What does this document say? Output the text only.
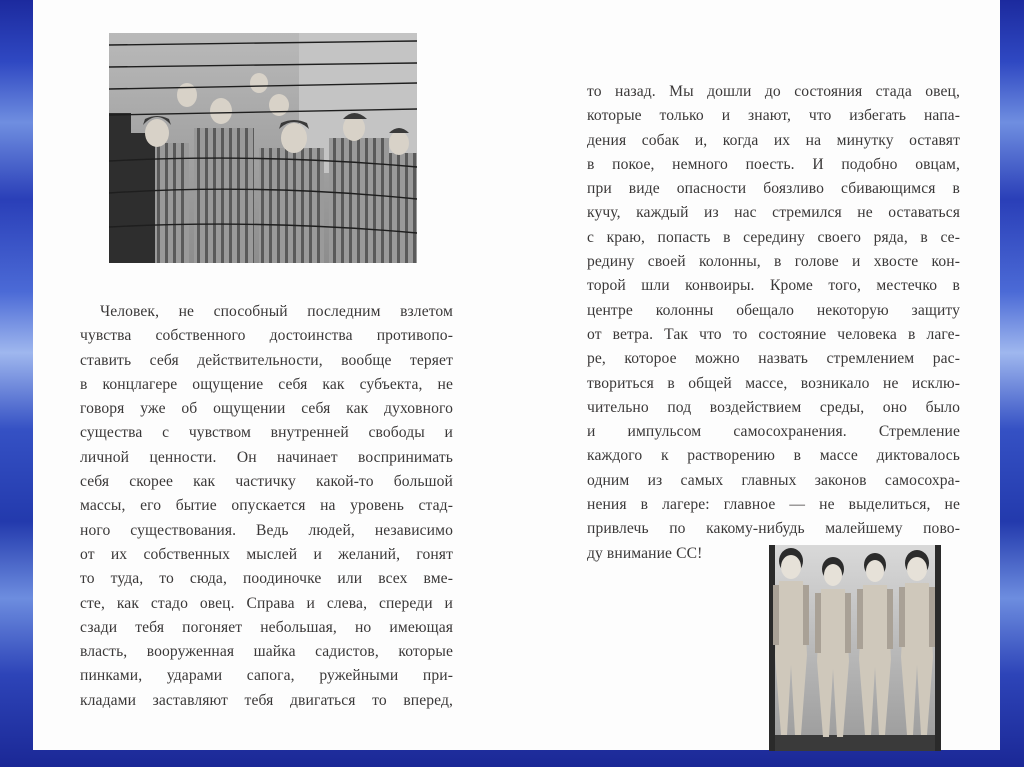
Человек, не способный последним взлетом
чувства собственного достоинства противопо-
ставить себя действительности, вообще теряет
в концлагере ощущение себя как субъекта, не
говоря уже об ощущении себя как духовного
существа с чувством внутренней свободы и
личной ценности. Он начинает воспринимать
себя скорее как частичку какой-то большой
массы, его бытие опускается на уровень стад-
ного существования. Ведь людей, независимо
от их собственных мыслей и желаний, гонят
то туда, то сюда, поодиночке или всех вме-
сте, как стадо овец. Справа и слева, спереди и
сзади тебя погоняет небольшая, но имеющая
власть, вооруженная шайка садистов, которые
пинками, ударами сапога, ружейными при-
кладами заставляют тебя двигаться то вперед,
то назад. Мы дошли до состояния стада овец,
которые только и знают, что избегать напа-
дения собак и, когда их на минутку оставят
в покое, немного поесть. И подобно овцам,
при виде опасности боязливо сбивающимся в
кучу, каждый из нас стремился не оставаться
с краю, попасть в середину своего ряда, в се-
редину своей колонны, в голове и хвосте кон-
торой шли конвоиры. Кроме того, местечко в
центре колонны обещало некоторую защиту
от ветра. Так что то состояние человека в лаге-
ре, которое можно назвать стремлением рас-
твориться в общей массе, возникало не исклю-
чительно под воздействием среды, оно было
и импульсом самосохранения. Стремление
каждого к растворению в массе диктовалось
одним из самых главных законов самосохра-
нения в лагере: главное — не выделиться, не
привлечь по какому-нибудь малейшему пово-
ду внимание СС!
